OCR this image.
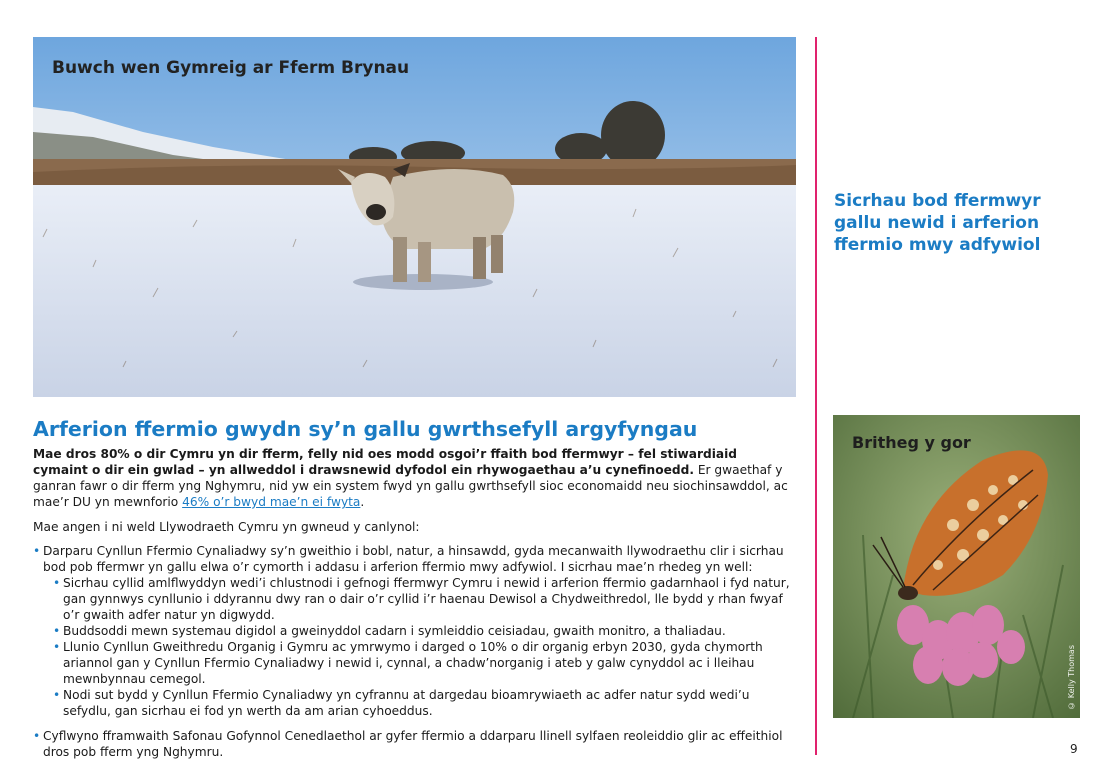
Buwch wen Gymreig ar Fferm Brynau
Sicrhau bod ffermwyr gallu newid i arferion ffermio mwy adfywiol
Britheg y gor
© Kelly Thomas
Arferion ffermio gwydn sy’n gallu gwrthsefyll argyfyngau

Mae dros 80% o dir Cymru yn dir fferm, felly nid oes modd osgoi’r ffaith bod ffermwyr – fel stiwardiaid cymaint o dir ein gwlad – yn allweddol i drawsnewid dyfodol ein rhywogaethau a’u cynefinoedd. Er gwaethaf y ganran fawr o dir fferm yng Nghymru, nid yw ein system fwyd yn gallu gwrthsefyll sioc economaidd neu siochinsawddol, ac mae’r DU yn mewnforio 46% o’r bwyd mae’n ei fwyta.

Mae angen i ni weld Llywodraeth Cymru yn gwneud y canlynol:

• Darparu Cynllun Ffermio Cynaliadwy sy’n gweithio i bobl, natur, a hinsawdd, gyda mecanwaith llywodraethu clir i sicrhau bod pob ffermwr yn gallu elwa o’r cymorth i addasu i arferion ffermio mwy adfywiol. I sicrhau mae’n rhedeg yn well:
• Sicrhau cyllid amlflwyddyn wedi’i chlustnodi i gefnogi ffermwyr Cymru i newid i arferion ffermio gadarnhaol i fyd natur, gan gynnwys cynllunio i ddyrannu dwy ran o dair o’r cyllid i’r haenau Dewisol a Chydweithredol, lle bydd y rhan fwyaf o’r gwaith adfer natur yn digwydd.
• Buddsoddi mewn systemau digidol a gweinyddol cadarn i symleiddio ceisiadau, gwaith monitro, a thaliadau.
• Llunio Cynllun Gweithredu Organig i Gymru ac ymrwymo i darged o 10% o dir organig erbyn 2030, gyda chymorth ariannol gan y Cynllun Ffermio Cynaliadwy i newid i, cynnal, a chadw’norganig i ateb y galw cynyddol ac i lleihau mewnbynnau cemegol.
• Nodi sut bydd y Cynllun Ffermio Cynaliadwy yn cyfrannu at dargedau bioamrywiaeth ac adfer natur sydd wedi’u sefydlu, gan sicrhau ei fod yn werth da am arian cyhoeddus.
• Cyflwyno fframwaith Safonau Gofynnol Cenedlaethol ar gyfer ffermio a ddarparu llinell sylfaen reoleiddio glir ac effeithiol dros pob fferm yng Nghymru.	9
